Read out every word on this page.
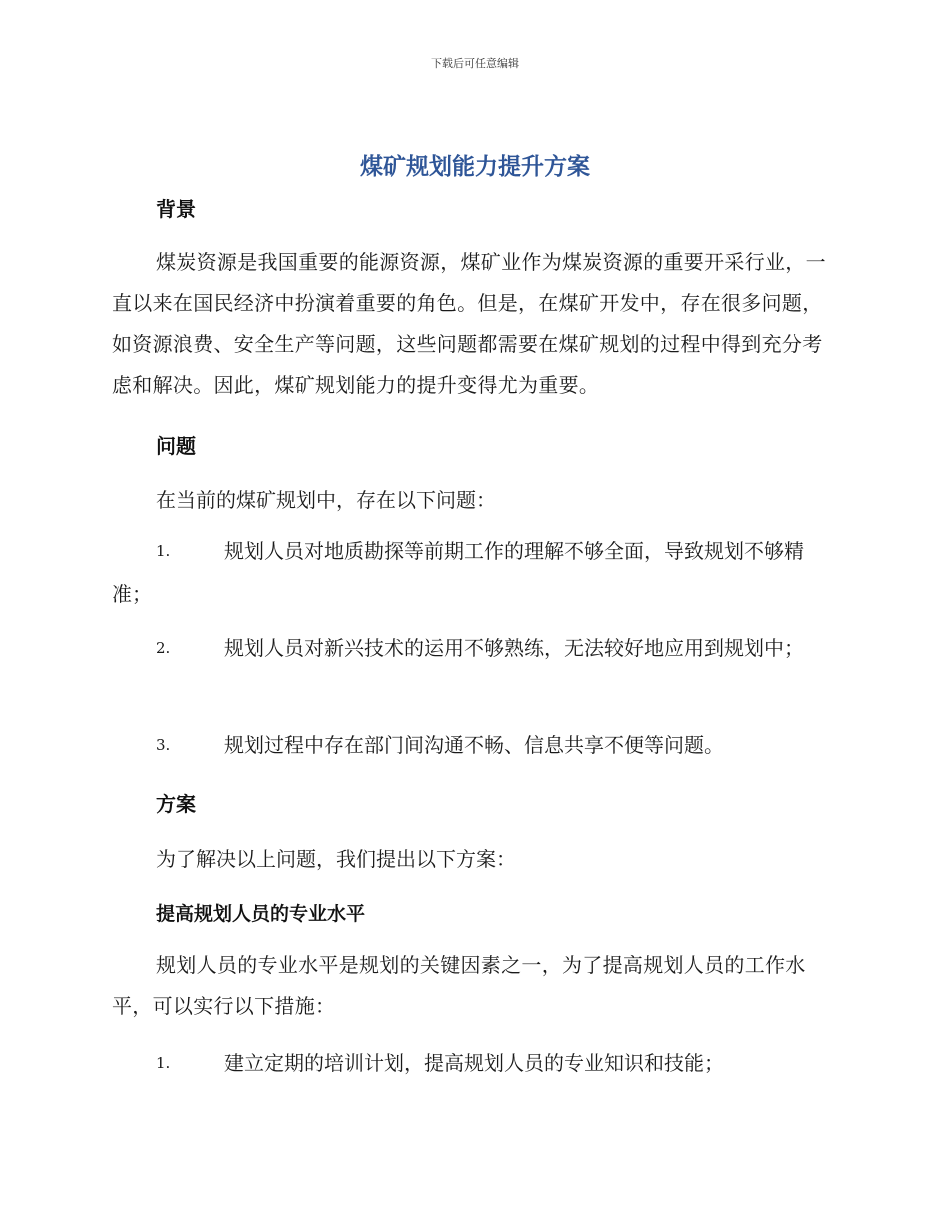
下载后可任意编辑
煤矿规划能力提升方案
背景
煤炭资源是我国重要的能源资源，煤矿业作为煤炭资源的重要开采行业，一直以来在国民经济中扮演着重要的角色。但是，在煤矿开发中，存在很多问题，如资源浪费、安全生产等问题，这些问题都需要在煤矿规划的过程中得到充分考虑和解决。因此，煤矿规划能力的提升变得尤为重要。
问题
在当前的煤矿规划中，存在以下问题：
1.	规划人员对地质勘探等前期工作的理解不够全面，导致规划不够精准；
2.	规划人员对新兴技术的运用不够熟练，无法较好地应用到规划中；
3.	规划过程中存在部门间沟通不畅、信息共享不便等问题。
方案
为了解决以上问题，我们提出以下方案：
提高规划人员的专业水平
规划人员的专业水平是规划的关键因素之一，为了提高规划人员的工作水平，可以实行以下措施：
1.	建立定期的培训计划，提高规划人员的专业知识和技能；
